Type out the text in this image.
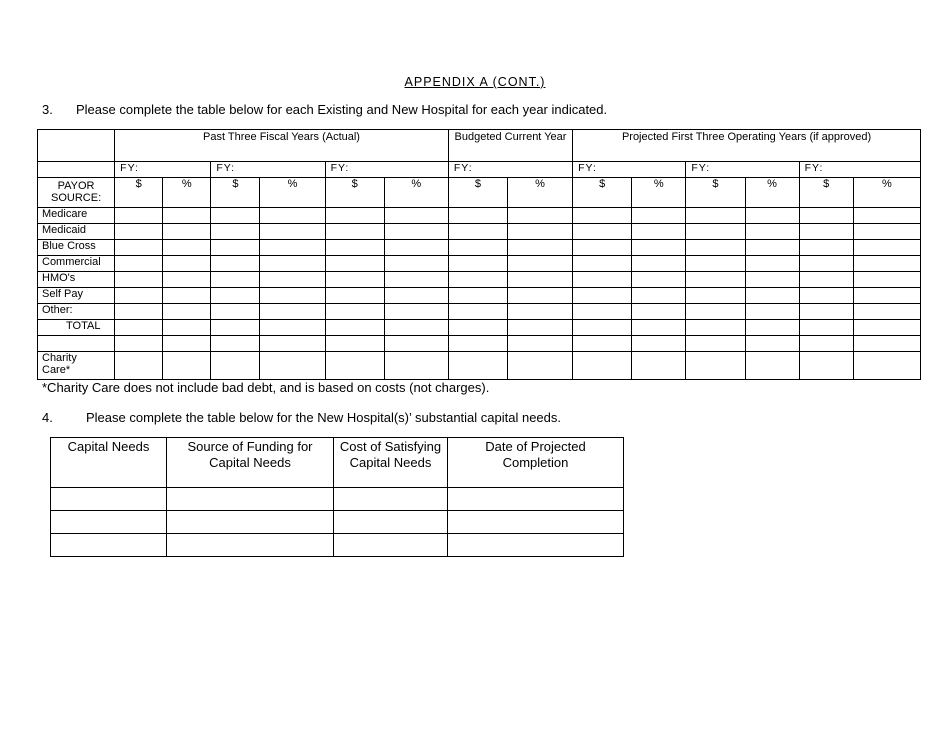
APPENDIX A (CONT.)
3. Please complete the table below for each Existing and New Hospital for each year indicated.
	Past Three Fiscal Years (Actual)						Budgeted Current Year		Projected First Three Operating Years (if approved)					
	FY:		FY:		FY:		FY:		FY:		FY:		FY:	
PAYOR SOURCE:	$	%	$	%	$	%	$	%	$	%	$	%	$	%
Medicare														
Medicaid														
Blue Cross														
Commercial														
HMO's														
Self Pay														
Other:														
TOTAL														

Charity Care*														
*Charity Care does not include bad debt, and is based on costs (not charges).
4.	Please complete the table below for the New Hospital(s)’ substantial capital needs.
Capital Needs	Source of Funding for Capital Needs	Cost of Satisfying Capital Needs	Date of Projected Completion
